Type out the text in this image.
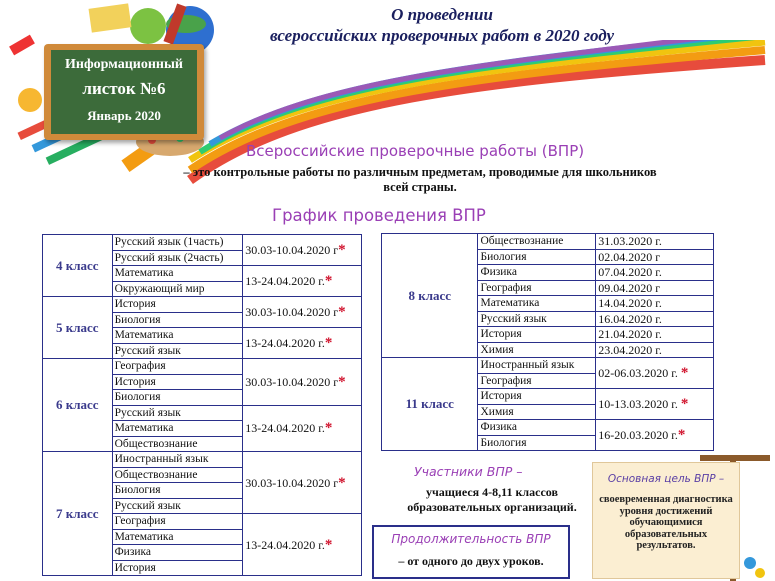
О проведении
всероссийских проверочных работ в 2020 году
Информационный
листок №6
Январь 2020
Всероссийские проверочные работы (ВПР)
– это контрольные работы по различным предметам, проводимые для школьников всей страны.
График проведения ВПР
4 класс	Русский язык (1часть)	30.03-10.04.2020 г*
	Русский язык (2часть)	
	Математика	13-24.04.2020 г.*
	Окружающий мир	
5 класс	История	30.03-10.04.2020 г*
	Биология	
	Математика	13-24.04.2020 г.*
	Русский язык	
6 класс	География	30.03-10.04.2020 г*
	История	
	Биология	
	Русский язык	13-24.04.2020 г.*
	Математика	
	Обществознание	
7 класс	Иностранный язык	30.03-10.04.2020 г*
	Обществознание	
	Биология	
	Русский язык	
	География	13-24.04.2020 г.*
	Математика	
	Физика	
	История	
8 класс	Обществознание	31.03.2020 г.
	Биология	02.04.2020 г
	Физика	07.04.2020 г.
	География	09.04.2020 г
	Математика	14.04.2020 г.
	Русский язык	16.04.2020 г.
	История	21.04.2020 г.
	Химия	23.04.2020 г.
11 класс	Иностранный язык	02-06.03.2020 г. *
	География	
	История	10-13.03.2020 г. *
	Химия	
	Физика	16-20.03.2020 г.*
	Биология	
Участники ВПР –
учащиеся 4-8,11 классов образовательных организаций.
Продолжительность ВПР
– от одного до двух уроков.
Основная цель ВПР –
своевременная диагностика уровня достижений обучающимися образовательных результатов.
